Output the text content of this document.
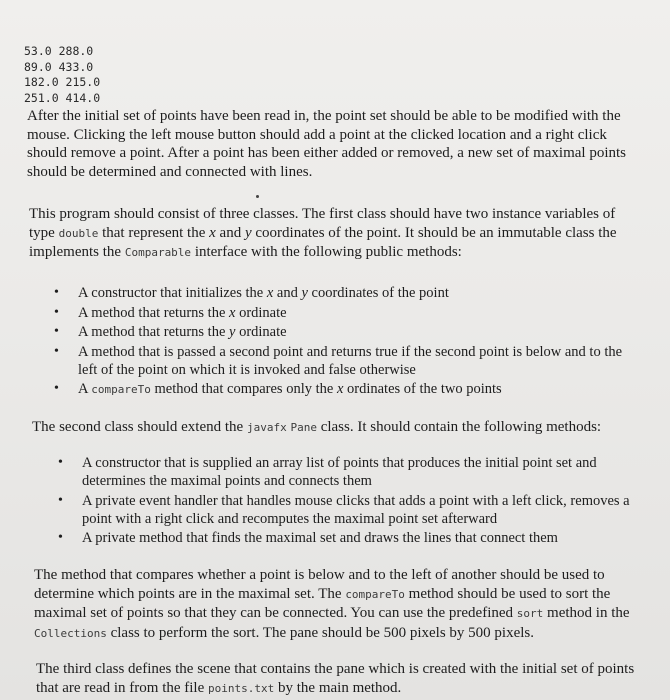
53.0 288.0
89.0 433.0
182.0 215.0
251.0 414.0

After the initial set of points have been read in, the point set should be able to be modified with the mouse. Clicking the left mouse button should add a point at the clicked location and a right click should remove a point. After a point has been either added or removed, a new set of maximal points should be determined and connected with lines.

This program should consist of three classes. The first class should have two instance variables of type double that represent the x and y coordinates of the point. It should be an immutable class the implements the Comparable interface with the following public methods:

• A constructor that initializes the x and y coordinates of the point
• A method that returns the x ordinate
• A method that returns the y ordinate
• A method that is passed a second point and returns true if the second point is below and to the left of the point on which it is invoked and false otherwise
• A compareTo method that compares only the x ordinates of the two points

The second class should extend the javafx Pane class. It should contain the following methods:

• A constructor that is supplied an array list of points that produces the initial point set and determines the maximal points and connects them
• A private event handler that handles mouse clicks that adds a point with a left click, removes a point with a right click and recomputes the maximal point set afterward
• A private method that finds the maximal set and draws the lines that connect them

The method that compares whether a point is below and to the left of another should be used to determine which points are in the maximal set. The compareTo method should be used to sort the maximal set of points so that they can be connected. You can use the predefined sort method in the Collections class to perform the sort. The pane should be 500 pixels by 500 pixels.

The third class defines the scene that contains the pane which is created with the initial set of points that are read in from the file points.txt by the main method.
